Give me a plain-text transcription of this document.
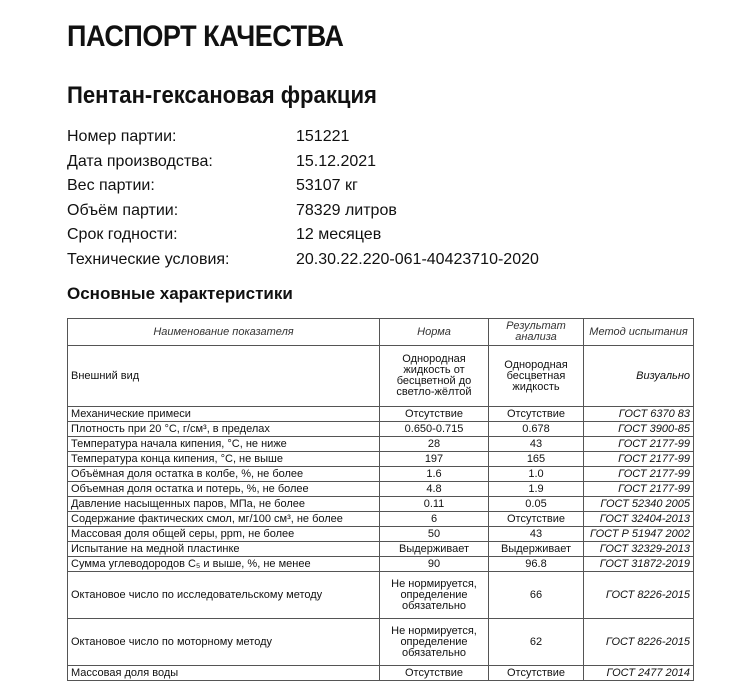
ПАСПОРТ КАЧЕСТВА
Пентан-гексановая фракция
Номер партии:	151221
Дата производства:	15.12.2021
Вес партии:	53107 кг
Объём партии:	78329 литров
Срок годности:	12 месяцев
Технические условия:	20.30.22.220-061-40423710-2020
Основные характеристики
Наименование показателя	Норма	Результат анализа	Метод испытания
Внешний вид	Однородная жидкость от бесцветной до светло-жёлтой	Однородная бесцветная жидкость	Визуально
Механические примеси	Отсутствие	Отсутствие	ГОСТ 6370 83
Плотность при 20 °С, г/см³, в пределах	0.650-0.715	0.678	ГОСТ 3900-85
Температура начала кипения, °С, не ниже	28	43	ГОСТ 2177-99
Температура конца кипения, °С, не выше	197	165	ГОСТ 2177-99
Объёмная доля остатка в колбе, %, не более	1.6	1.0	ГОСТ 2177-99
Объемная доля остатка и потерь, %, не более	4.8	1.9	ГОСТ 2177-99
Давление насыщенных паров, МПа, не более	0.11	0.05	ГОСТ 52340 2005
Содержание фактических смол, мг/100 см³, не более	6	Отсутствие	ГОСТ 32404-2013
Массовая доля общей серы, ppm, не более	50	43	ГОСТ Р 51947 2002
Испытание на медной пластинке	Выдерживает	Выдерживает	ГОСТ 32329-2013
Сумма углеводородов C₅ и выше, %, не менее	90	96.8	ГОСТ 31872-2019
Октановое число по исследовательскому методу	Не нормируется, определение обязательно	66	ГОСТ 8226-2015
Октановое число по моторному методу	Не нормируется, определение обязательно	62	ГОСТ 8226-2015
Массовая доля воды	Отсутствие	Отсутствие	ГОСТ 2477 2014
